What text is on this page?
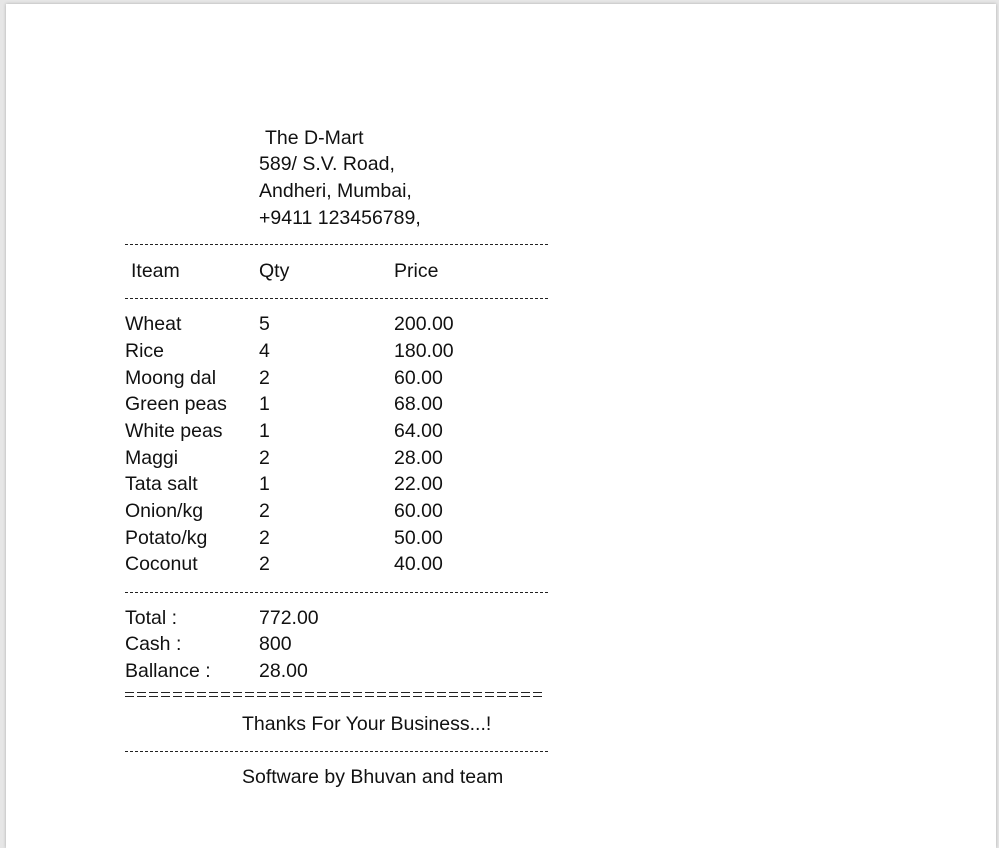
The D-Mart
589/ S.V. Road,
Andheri, Mumbai,
+9411 123456789,
Iteam	Qty	Price
Wheat	5	200.00
Rice	4	180.00
Moong dal 2	60.00
Green peas 1	68.00
White peas 1	64.00
Maggi	2	28.00
Tata salt	1	22.00
Onion/kg	2	60.00
Potato/kg	2	50.00
Coconut	2	40.00
Total :	772.00
Cash :	800
Ballance : 28.00
Thanks For Your Business...!
Software by Bhuvan and team
